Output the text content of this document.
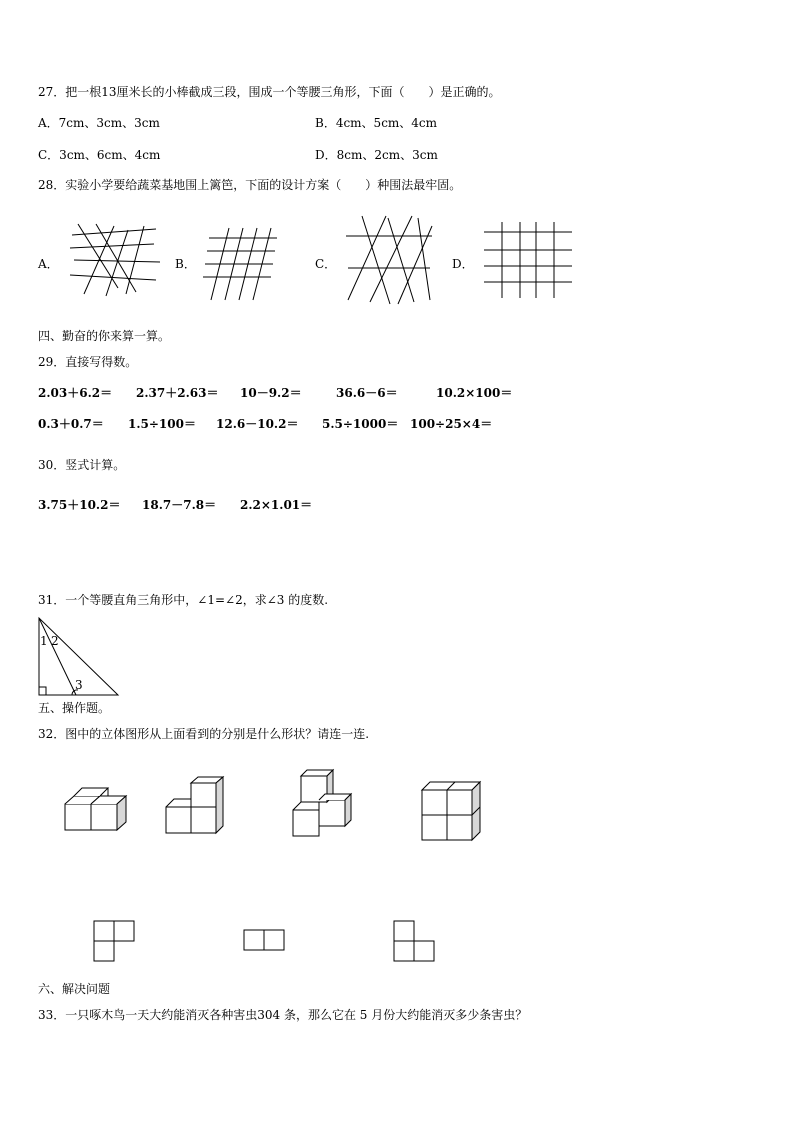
27．把一根13厘米长的小棒截成三段，围成一个等腰三角形，下面（　　）是正确的。
A．7cm、3cm、3cm	B．4cm、5cm、4cm
C．3cm、6cm、4cm	D．8cm、2cm、3cm
28．实验小学要给蔬菜基地围上篱笆，下面的设计方案（　　）种围法最牢固。
A．	B．	C．	D．
四、勤奋的你来算一算。
29．直接写得数。
2.03＋6.2＝ 2.37＋2.63＝ 10－9.2＝	36.6－6＝	10.2×100＝
0.3＋0.7＝ 1.5÷100＝ 12.6－10.2＝ 5.5÷1000＝ 100÷25×4＝
30．竖式计算。
3.75＋10.2＝ 18.7－7.8＝ 2.2×1.01＝
31．一个等腰直角三角形中，∠1=∠2，求∠3 的度数.
1 2
3
五、操作题。
32．图中的立体图形从上面看到的分别是什么形状？请连一连.
六、解决问题
33．一只啄木鸟一天大约能消灭各种害虫304 条，那么它在 5 月份大约能消灭多少条害虫？
